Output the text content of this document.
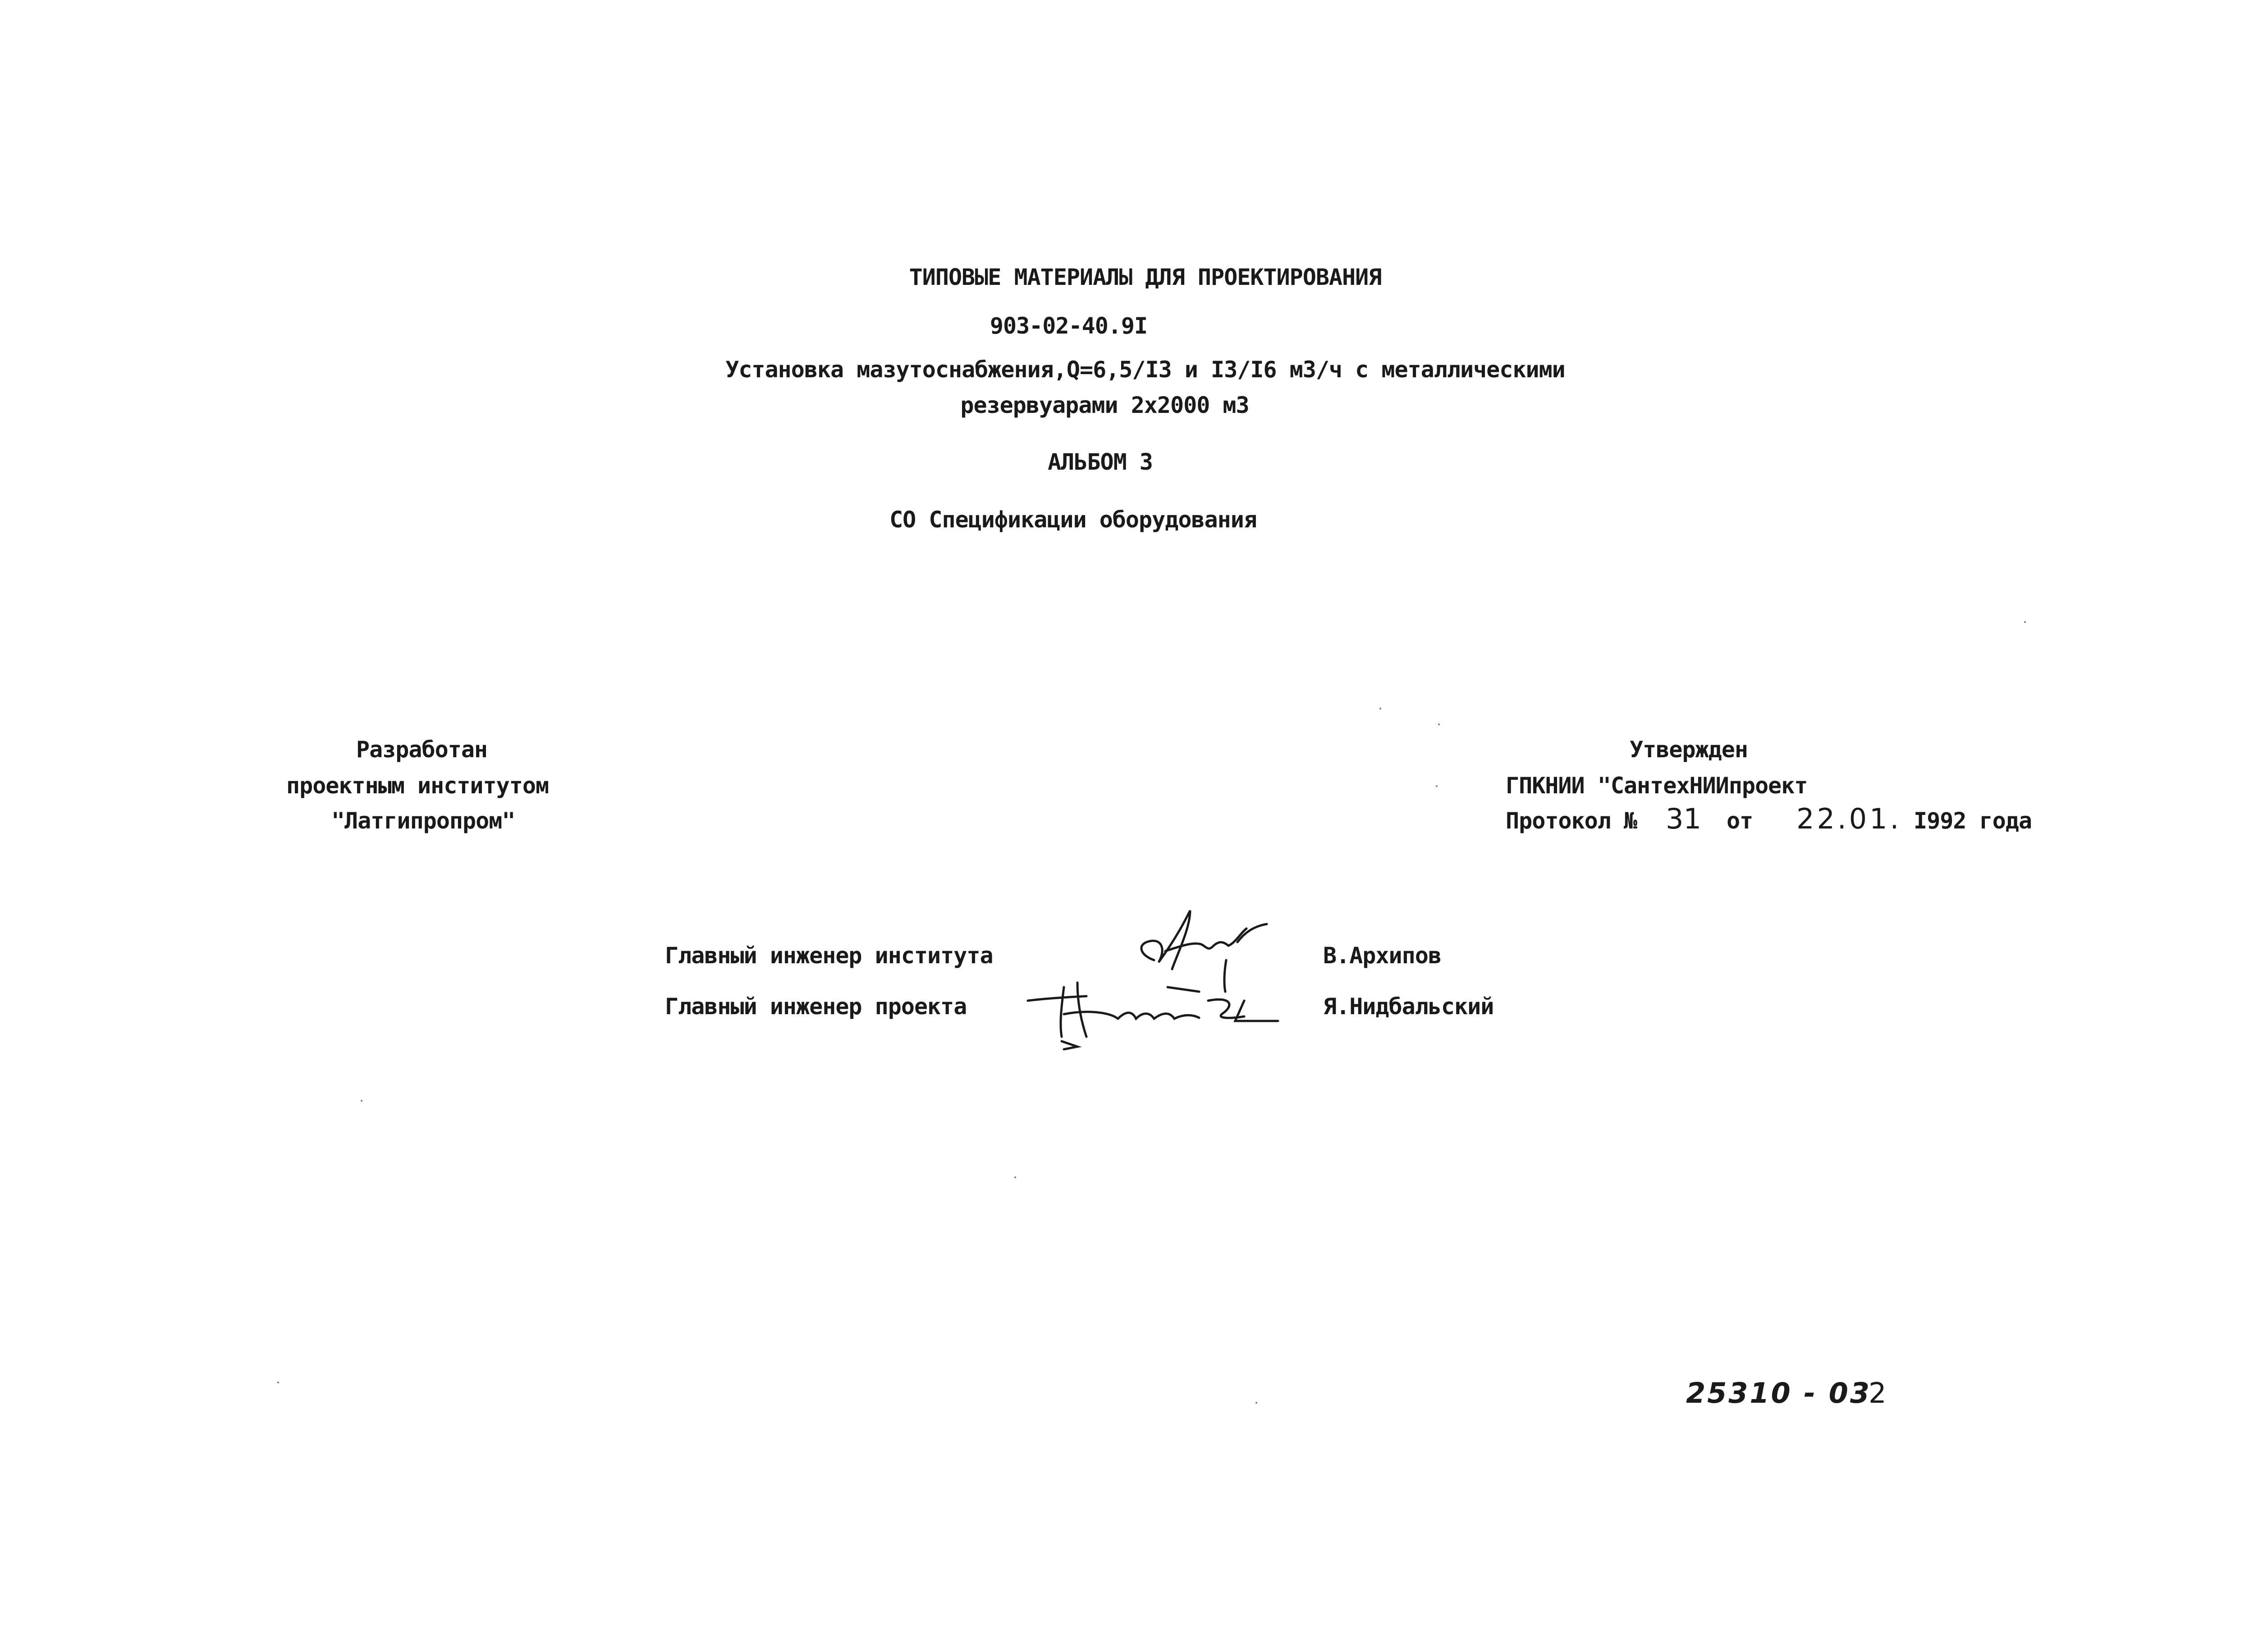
ТИПОВЫЕ МАТЕРИАЛЫ ДЛЯ ПРОЕКТИРОВАНИЯ
903-02-40.9I
Установка мазутоснабжения,Q=6,5/I3 и I3/I6 м3/ч с металлическими
резервуарами 2х2000 м3
АЛЬБОМ 3
СО Спецификации оборудования
Разработан
проектным институтом
"Латгипропром"
Утвержден
ГПКНИИ "СантехНИИпроект
Протокол № 31 от 22.01. I992 года
Главный инженер института	В.Архипов
Главный инженер проекта	Я.Нидбальский
25310 - 03
2
